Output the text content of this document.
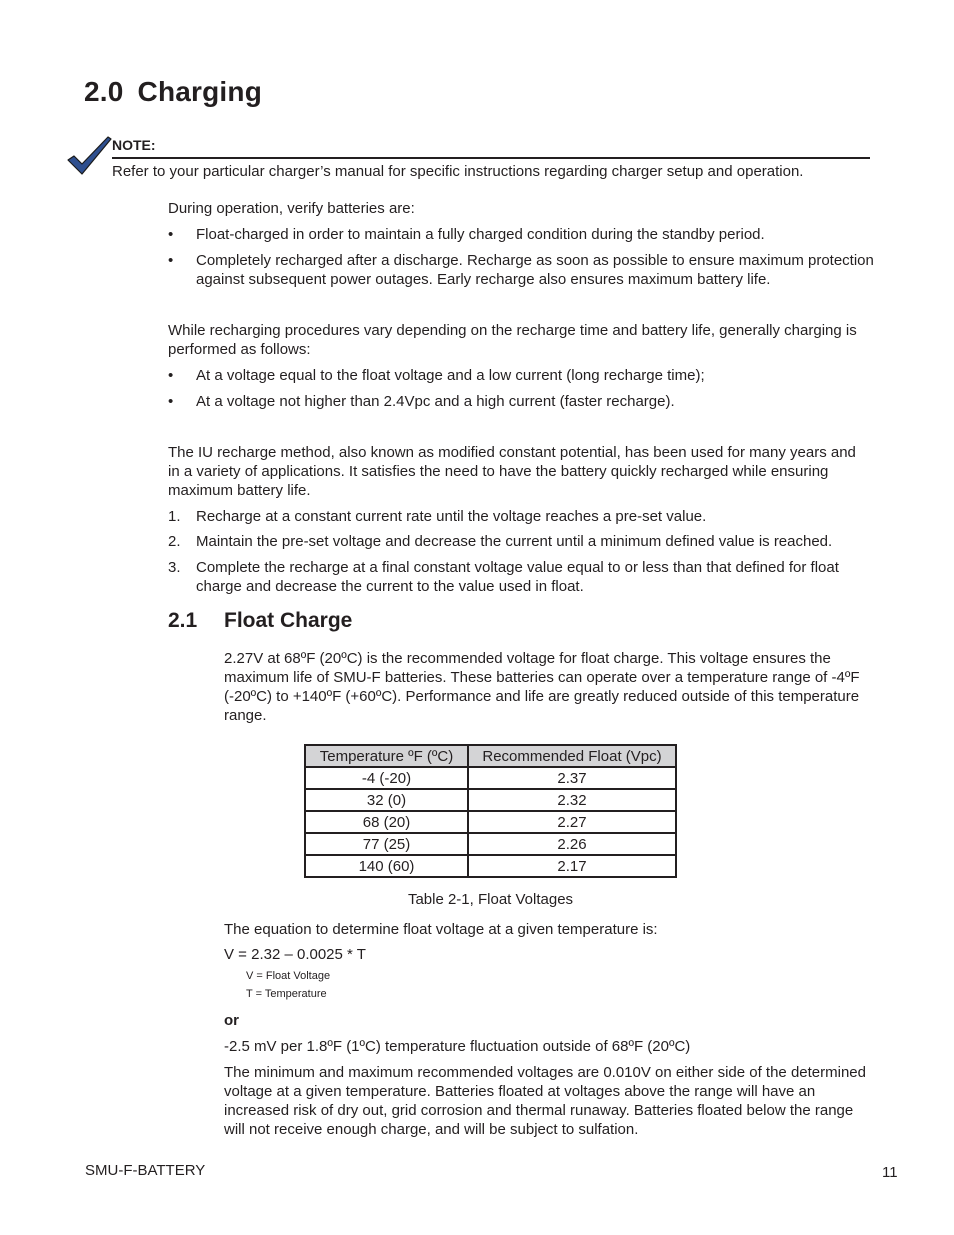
2.0 Charging
NOTE:
Refer to your particular charger’s manual for specific instructions regarding charger setup and operation.
During operation, verify batteries are:
• Float-charged in order to maintain a fully charged condition during the standby period.
• Completely recharged after a discharge. Recharge as soon as possible to ensure maximum protection against subsequent power outages. Early recharge also ensures maximum battery life.
While recharging procedures vary depending on the recharge time and battery life, generally charging is performed as follows:
• At a voltage equal to the float voltage and a low current (long recharge time);
• At a voltage not higher than 2.4Vpc and a high current (faster recharge).
The IU recharge method, also known as modified constant potential, has been used for many years and in a variety of applications. It satisfies the need to have the battery quickly recharged while ensuring maximum battery life.
1. Recharge at a constant current rate until the voltage reaches a pre-set value.
2. Maintain the pre-set voltage and decrease the current until a minimum defined value is reached.
3. Complete the recharge at a final constant voltage value equal to or less than that defined for float charge and decrease the current to the value used in float.
2.1 Float Charge
2.27V at 68ºF (20ºC) is the recommended voltage for float charge. This voltage ensures the maximum life of SMU-F batteries. These batteries can operate over a temperature range of -4ºF (-20ºC) to +140ºF (+60ºC). Performance and life are greatly reduced outside of this temperature range.
Temperature ºF (ºC)	Recommended Float (Vpc)
-4 (-20)	2.37
32 (0)	2.32
68 (20)	2.27
77 (25)	2.26
140 (60)	2.17
Table 2-1, Float Voltages
The equation to determine float voltage at a given temperature is:
V = 2.32 – 0.0025 * T
V = Float Voltage
T = Temperature
or
-2.5 mV per 1.8ºF (1ºC) temperature fluctuation outside of 68ºF (20ºC)
The minimum and maximum recommended voltages are 0.010V on either side of the determined voltage at a given temperature. Batteries floated at voltages above the range will have an increased risk of dry out, grid corrosion and thermal runaway. Batteries floated below the range will not receive enough charge, and will be subject to sulfation.
SMU-F-BATTERY	11
